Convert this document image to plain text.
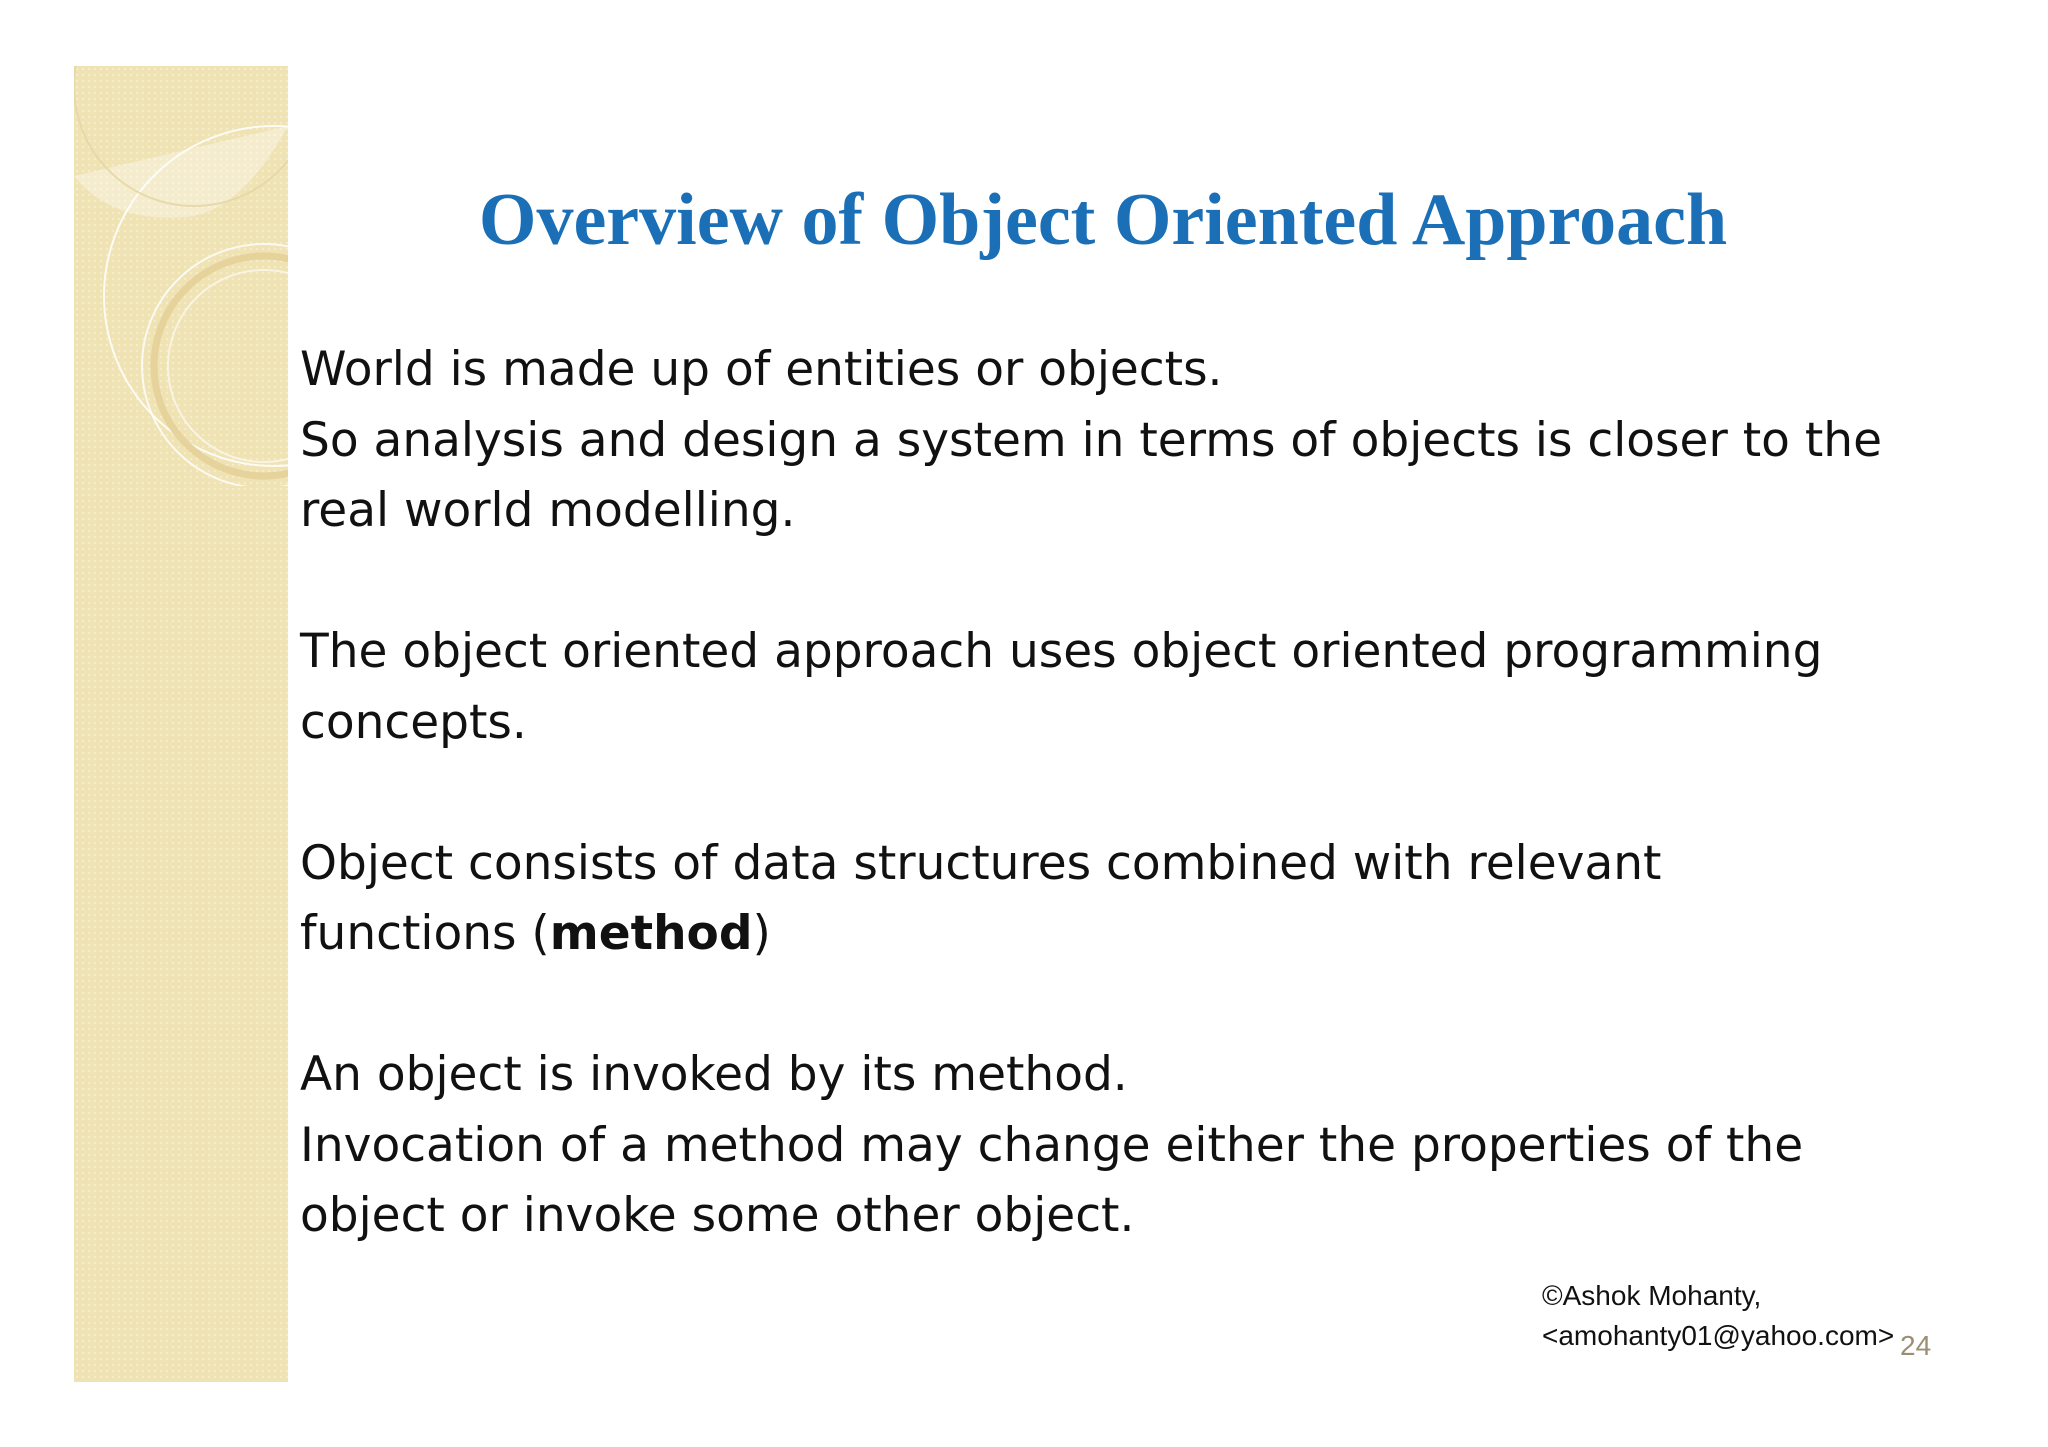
Overview of Object Oriented Approach

World is made up of entities or objects.
So analysis and design a system in terms of objects is closer to the
real world modelling.

The object oriented approach uses object oriented programming
concepts.

Object consists of data structures combined with relevant
functions (method)

An object is invoked by its method.
Invocation of a method may change either the properties of the
object or invoke some other object.

©Ashok Mohanty,
<amohanty01@yahoo.com> 24
